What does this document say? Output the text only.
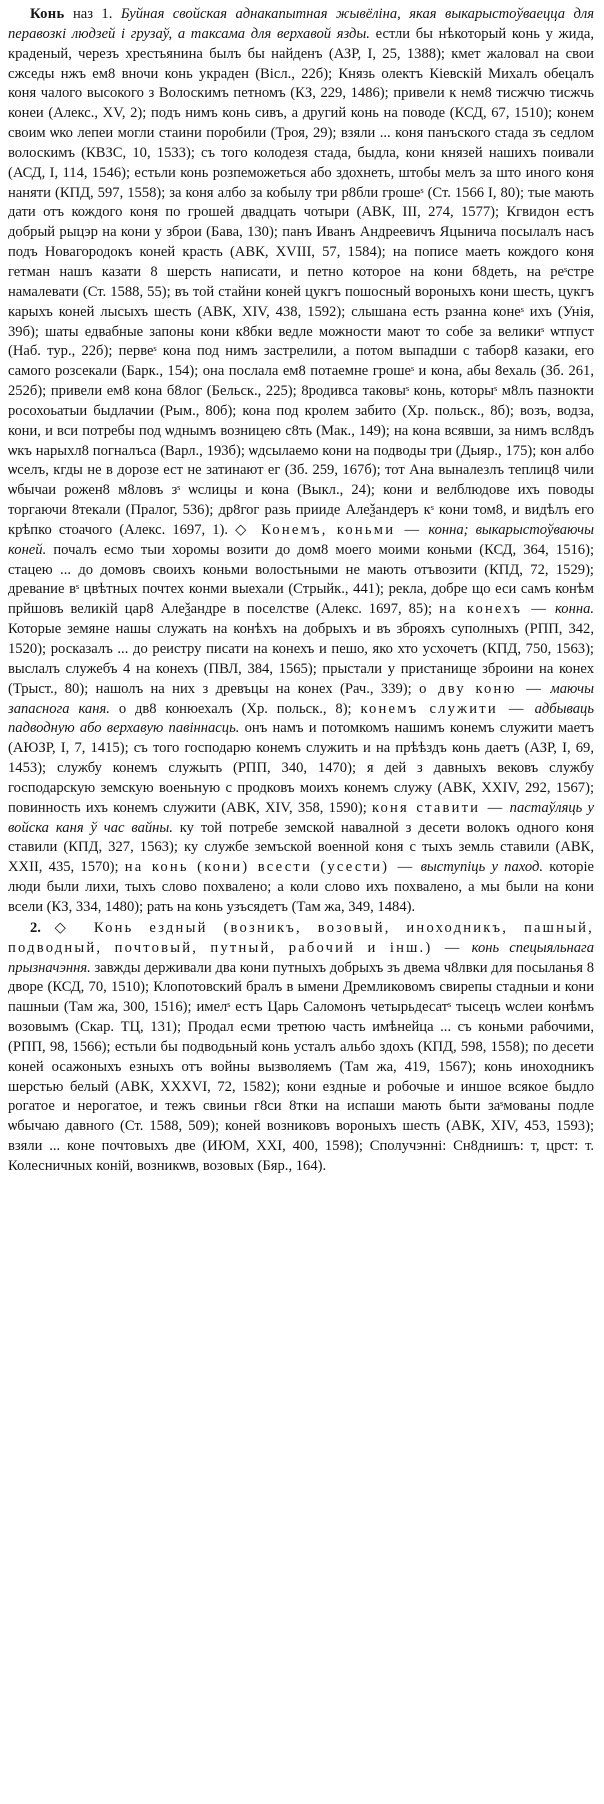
Конь наз 1. Буйная свойская аднакапытная жывёліна, якая выкарыстоўваецца для перавозкі людзей і грузаў, а таксама для верхавой язды. естли бы нѣкоторый конь у жида, краденый, черезъ хрестьянина былъ бы найденъ (АЗР, I, 25, 1388); кмет жаловал на свои сжседы нжъ ем8 вночи конь украден (Вісл., 22б); Князь олектъ Кіевскій Михалъ обецалъ коня чалого высокого з Волоскимъ петномъ (КЗ, 229, 1486); привели к нем8 тисжчю тисжчь конеи (Алекс., XV, 2); подъ нимъ конь сивъ, а другий конь на поводе (КСД, 67, 1510); конем своим ѡко лепеи могли стаини поробили (Троя, 29); взяли ... коня панъского стада зъ седлом волоскимъ (КВЗС, 10, 1533); съ того колодезя стада, быдла, кони князей нашихъ поивали (АСД, I, 114, 1546); естьли конь розпеможеться або здохнеть, штобы мелъ за што иного коня наняти (КПД, 597, 1558); за коня албо за кобылу три р8бли грошеˢ (Ст. 1566 I, 80); тые мають дати отъ кождого коня по грошей двадцать чотыри (АВК, III, 274, 1577); Кгвидон естъ добрый рыцэр на кони у зброи (Бава, 130); панъ Иванъ Андреевичъ Яцынича посылалъ насъ подъ Новагородокъ коней красть (АВК, XVIII, 57, 1584); на пописе маеть кождого коня гетман нашъ казати 8 шерсть написати, и петно которое на кони б8деть, на реˢстре намалевати (Ст. 1588, 55); въ той стайни коней цукгъ пошосный вороныхъ кони шесть, цукгъ карыхъ коней лысыхъ шесть (АВК, XIV, 438, 1592); слышана есть рзанна конеˢ ихъ (Унія, 39б); шаты едвабные запоны кони к8бки ведле можности мают то собе за великиˢ ѡтпуст (Наб. тур., 22б); первеˢ кона под нимъ застрелили, а потом выпадши с табор8 казаки, его самого розсекали (Барк., 154); она послала ем8 потаемне грошеˢ и кона, абы 8ехаль (Зб. 261, 252б); привели ем8 кона б8лог (Бельск., 225); 8родивса таковыˢ конь, которыˢ м8лъ пазнокти росохоьатыи быдлачии (Рым., 80б); кона под кролем забито (Хр. польск., 8б); возъ, водза, кони, и вси потребы под ѡднымъ возницею с8ть (Мак., 149); на кона всявши, за нимъ всл8дъ ѡкъ нарыхл8 погналъса (Варл., 193б); ѡдсылаемо кони на подводы три (Дыяр., 175); кон албо ѡселъ, кгды не в дорозе ест не затинают ег (Зб. 259, 167б); тот Ана выналезлъ теплиц8 чили ѡбычаи рожен8 м8ловъ зˢ ѡслицы и кона (Выкл., 24); кони и велблюдове ихъ поводы торгаючи 8текали (Пралог, 536); др8гог разь прииде Алеѯандеръ кˢ кони том8, и видѣлъ его крѣпко стоачого (Алекс. 1697, 1). ◇ Конемъ, коньми — конна; выкарыстоўваючы коней. почалъ есмо тыи хоромы возити до дом8 моего моими коньми (КСД, 364, 1516); стацею ... до домовъ своихъ коньми волостьными не мають отъвозити (КПД, 72, 1529); древание вˢ цвѣтных почтех конми выехали (Стрыйк., 441); рекла, добре що еси самъ конѣм прйшовъ великій цар8 Алеѯандре в поселстве (Алекс. 1697, 85); на конехъ — конна. Которые земяне нашы служать на конѣхъ на добрыхъ и въ зброяхъ суполныхъ (РПП, 342, 1520); росказалъ ... до реистру писати на конехъ и пешо, яко хто усхочетъ (КПД, 750, 1563); выслалъ служебъ 4 на конехъ (ПВЛ, 384, 1565); прыстали у пристанище зброини на конех (Трыст., 80); нашолъ на них з древъцы на конех (Рач., 339); о дву коню — маючы запаснога каня. о дв8 конюехалъ (Хр. польск., 8); конемъ служити — адбываць падводную або верхавую павіннасць. онъ намъ и потомкомъ нашимъ конемъ служити маетъ (АЮЗР, I, 7, 1415); съ того господарю конемъ служить и на прѣѣздъ конь даетъ (АЗР, I, 69, 1453); службу конемъ служыть (РПП, 340, 1470); я дей з давныхъ вековъ службу господарскую земскую военьную с продковъ моихъ конемъ служу (АВК, XXIV, 292, 1567); повинность ихъ конемъ служити (АВК, XIV, 358, 1590); коня ставити — пастаўляць у войска каня ў час вайны. ку той потребе земской навалной з десети волокъ одного коня ставили (КПД, 327, 1563); ку службе земъской военной коня с тыхъ земль ставили (АВК, XXII, 435, 1570); на конь (кони) всести (усести) — выступіць у паход. которіе люди были лихи, тыхъ слово похвалено; а коли слово ихъ похвалено, а мы были на кони всели (КЗ, 334, 1480); рать на конь узъсядетъ (Там жа, 349, 1484).

2. ◇ Конь ездный (возникъ, возовый, иноходникъ, пашный, подводный, почтовый, путный, рабочий и інш.) — конь спецыяльнага прызначэння. завжды держивали два кони путныхъ добрыхъ зъ двема ч8лвки для посыланья 8 дворе (КСД, 70, 1510); Клопотовский бралъ в ымени Дремликовомъ свирепы стадныи и кони пашныи (Там жа, 300, 1516); имелˢ естъ Царь Саломонъ четырьдесатˢ тысецъ ѡслеи конѣмъ возовымъ (Скар. ТЦ, 131); Продал есми третюю часть имѣнейца ... съ коньми рабочими, (РПП, 98, 1566); естьли бы подводьный конь усталъ альбо здохъ (КПД, 598, 1558); по десети коней осажоныхъ езныхъ отъ войны вызволяемъ (Там жа, 419, 1567); конь иноходникъ шерстью белый (АВК, XXXVI, 72, 1582); кони ездные и робочые и иншое всякое быдло рогатое и нерогатое, и тежъ свиньи г8си 8тки на испаши мають быти заˢмованы подле ѡбычаю давного (Ст. 1588, 509); коней возниковъ вороныхъ шесть (АВК, XIV, 453, 1593); взяли ... коне почтовыхъ две (ИЮМ, XXI, 400, 1598); Сполучэнні: Сн8днишъ: т, црст: т. Колесничных коній, возникѡв, возовых (Бяр., 164).
